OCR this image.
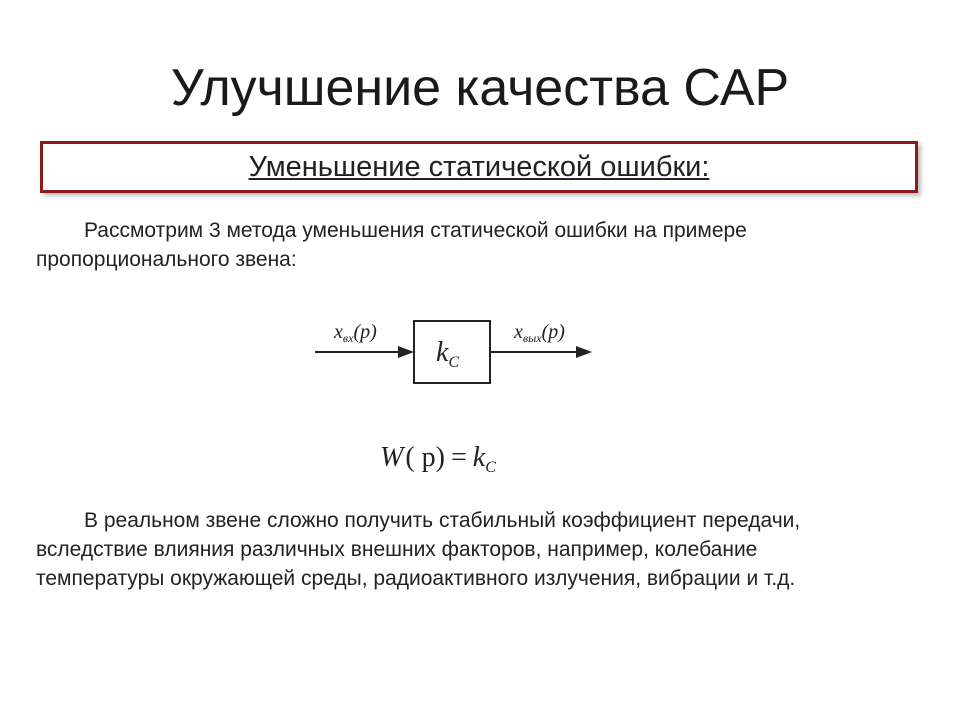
Улучшение качества САР
Уменьшение статической ошибки:
Рассмотрим 3 метода уменьшения статической ошибки на примере
пропорционального звена:
$k_C$
$x_{вх}(p)$	$x_{вых}(p)$
W( $p) = k_C$
В реальном звене сложно получить стабильный коэффициент передачи,
вследствие влияния различных внешних факторов, например, колебание
температуры окружающей среды, радиоактивного излучения, вибрации и т.д.
